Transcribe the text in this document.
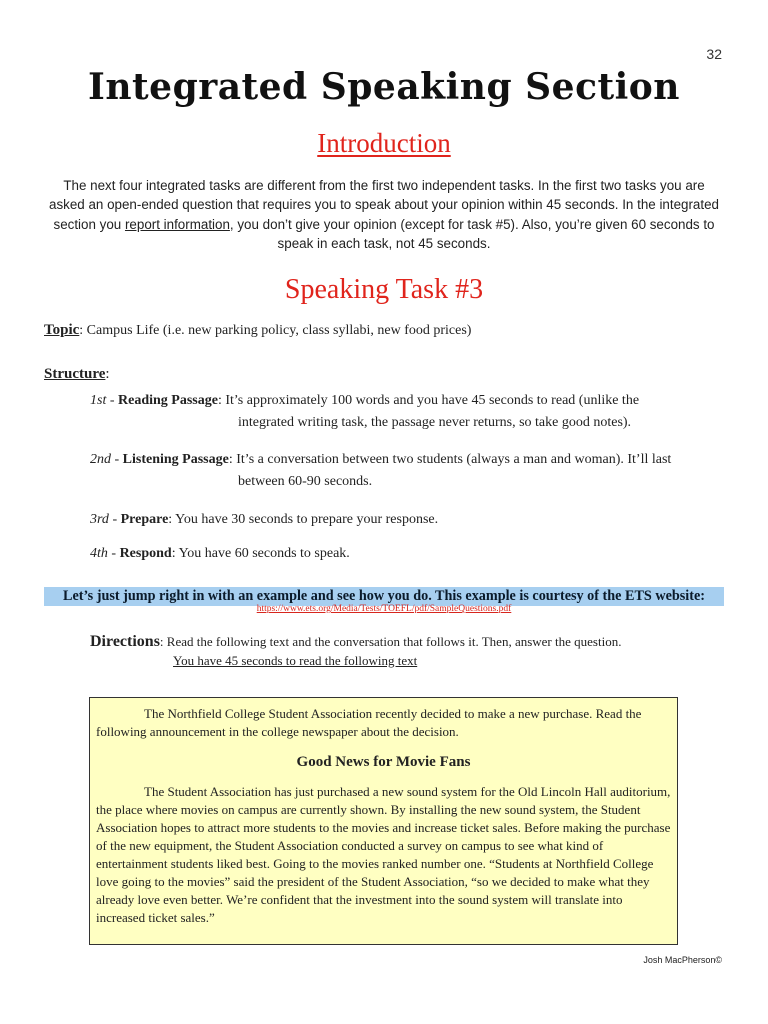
32
Integrated Speaking Section
Introduction
The next four integrated tasks are different from the first two independent tasks. In the first two tasks you are asked an open-ended question that requires you to speak about your opinion within 45 seconds. In the integrated section you report information, you don’t give your opinion (except for task #5). Also, you’re given 60 seconds to speak in each task, not 45 seconds.
Speaking Task #3
Topic: Campus Life (i.e. new parking policy, class syllabi, new food prices)
Structure:
1st - Reading Passage: It’s approximately 100 words and you have 45 seconds to read (unlike the
integrated writing task, the passage never returns, so take good notes).
2nd - Listening Passage: It’s a conversation between two students (always a man and woman). It’ll last
between 60-90 seconds.
3rd - Prepare: You have 30 seconds to prepare your response.
4th - Respond: You have 60 seconds to speak.
Let’s just jump right in with an example and see how you do. This example is courtesy of the ETS website:
https://www.ets.org/Media/Tests/TOEFL/pdf/SampleQuestions.pdf
Directions: Read the following text and the conversation that follows it. Then, answer the question.
You have 45 seconds to read the following text

The Northfield College Student Association recently decided to make a new purchase. Read the following announcement in the college newspaper about the decision.

Good News for Movie Fans

The Student Association has just purchased a new sound system for the Old Lincoln Hall auditorium, the place where movies on campus are currently shown. By installing the new sound system, the Student Association hopes to attract more students to the movies and increase ticket sales. Before making the purchase of the new equipment, the Student Association conducted a survey on campus to see what kind of entertainment students liked best. Going to the movies ranked number one. “Students at Northfield College love going to the movies” said the president of the Student Association, “so we decided to make what they already love even better. We’re confident that the investment into the sound system will translate into increased ticket sales.”

Josh MacPherson©
